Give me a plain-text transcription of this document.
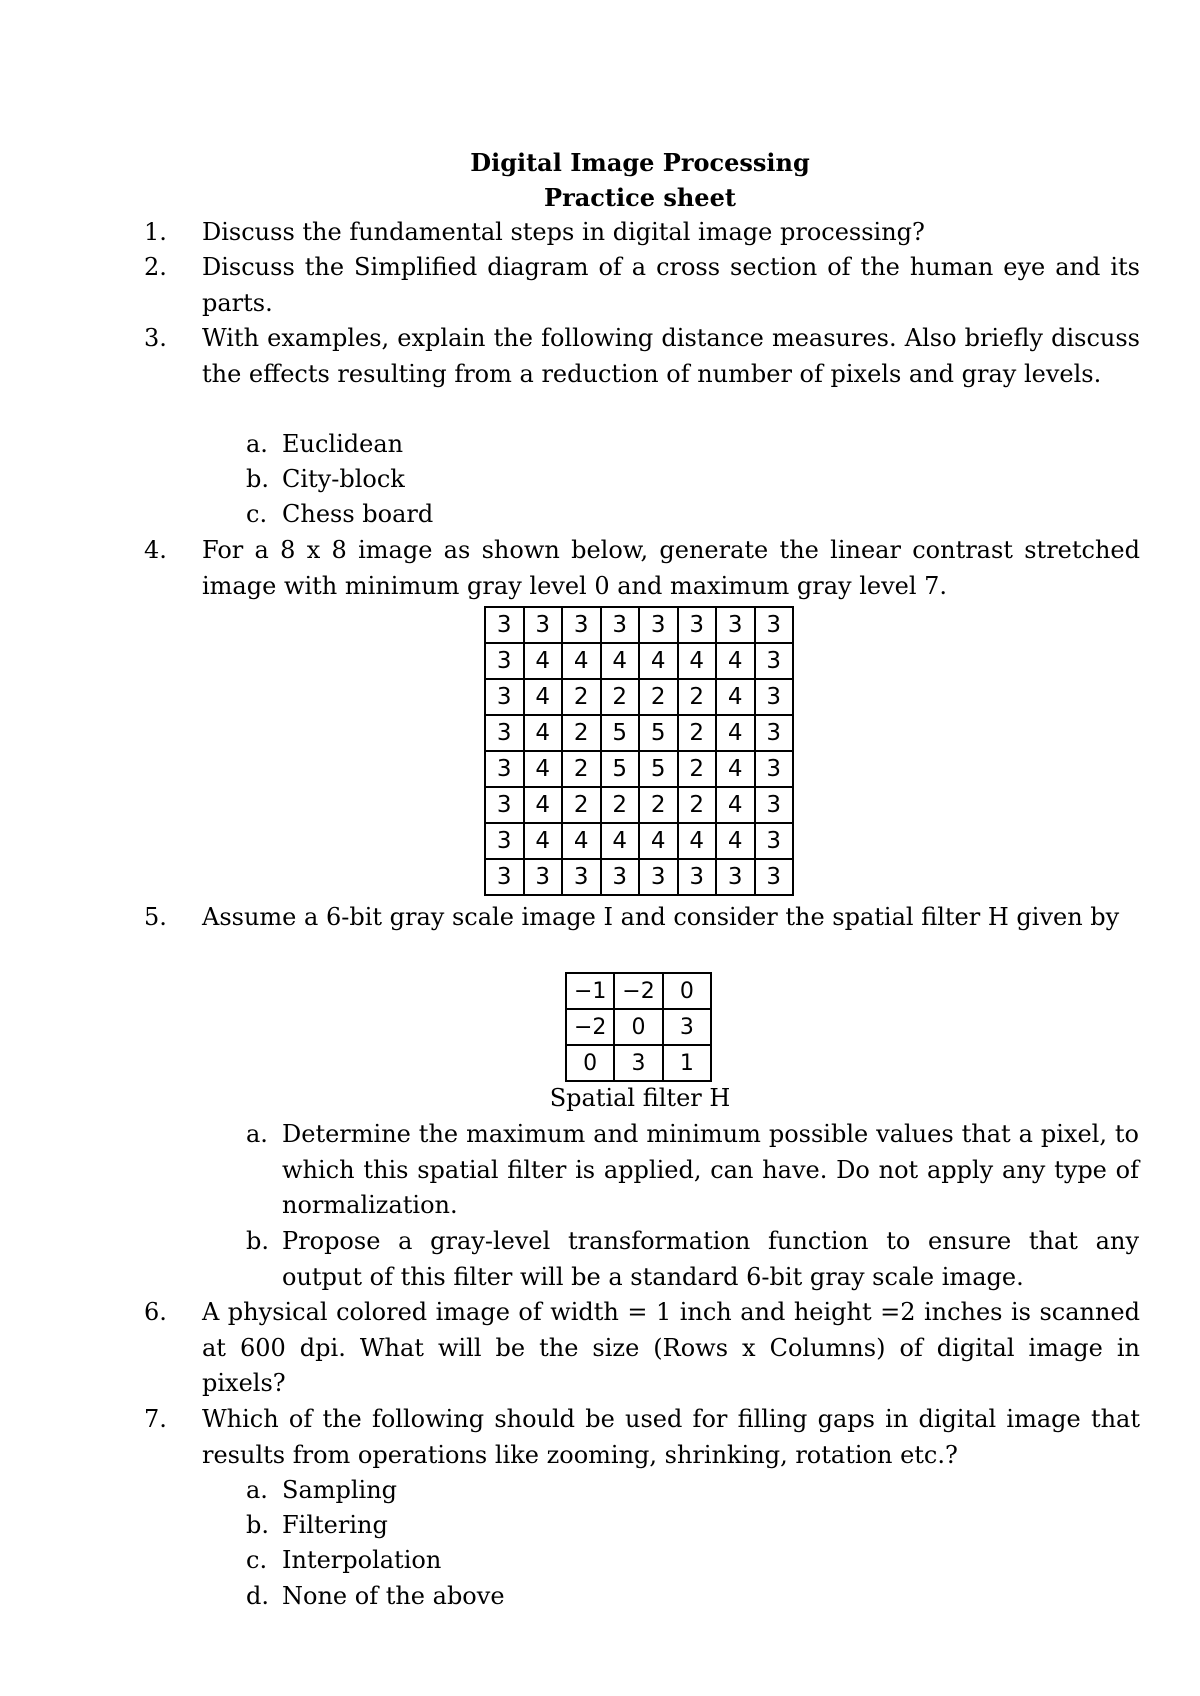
Digital Image Processing
Practice sheet
1. Discuss the fundamental steps in digital image processing?
2. Discuss the Simplified diagram of a cross section of the human eye and its parts.
3. With examples, explain the following distance measures. Also briefly discuss the effects resulting from a reduction of number of pixels and gray levels.
a. Euclidean
b. City-block
c. Chess board
4. For a 8 x 8 image as shown below, generate the linear contrast stretched image with minimum gray level 0 and maximum gray level 7.
3	3	3	3	3	3	3	3
3	4	4	4	4	4	4	3
3	4	2	2	2	2	4	3
3	4	2	5	5	2	4	3
3	4	2	5	5	2	4	3
3	4	2	2	2	2	4	3
3	4	4	4	4	4	4	3
3	3	3	3	3	3	3	3
5. Assume a 6-bit gray scale image I and consider the spatial filter H given by
−1	−2	0
−2	0	3
0	3	1
Spatial filter H
a. Determine the maximum and minimum possible values that a pixel, to which this spatial filter is applied, can have. Do not apply any type of normalization.
b. Propose a gray-level transformation function to ensure that any output of this filter will be a standard 6-bit gray scale image.
6. A physical colored image of width = 1 inch and height =2 inches is scanned at 600 dpi. What will be the size (Rows x Columns) of digital image in pixels?
7. Which of the following should be used for filling gaps in digital image that results from operations like zooming, shrinking, rotation etc.?
a. Sampling
b. Filtering
c. Interpolation
d. None of the above
